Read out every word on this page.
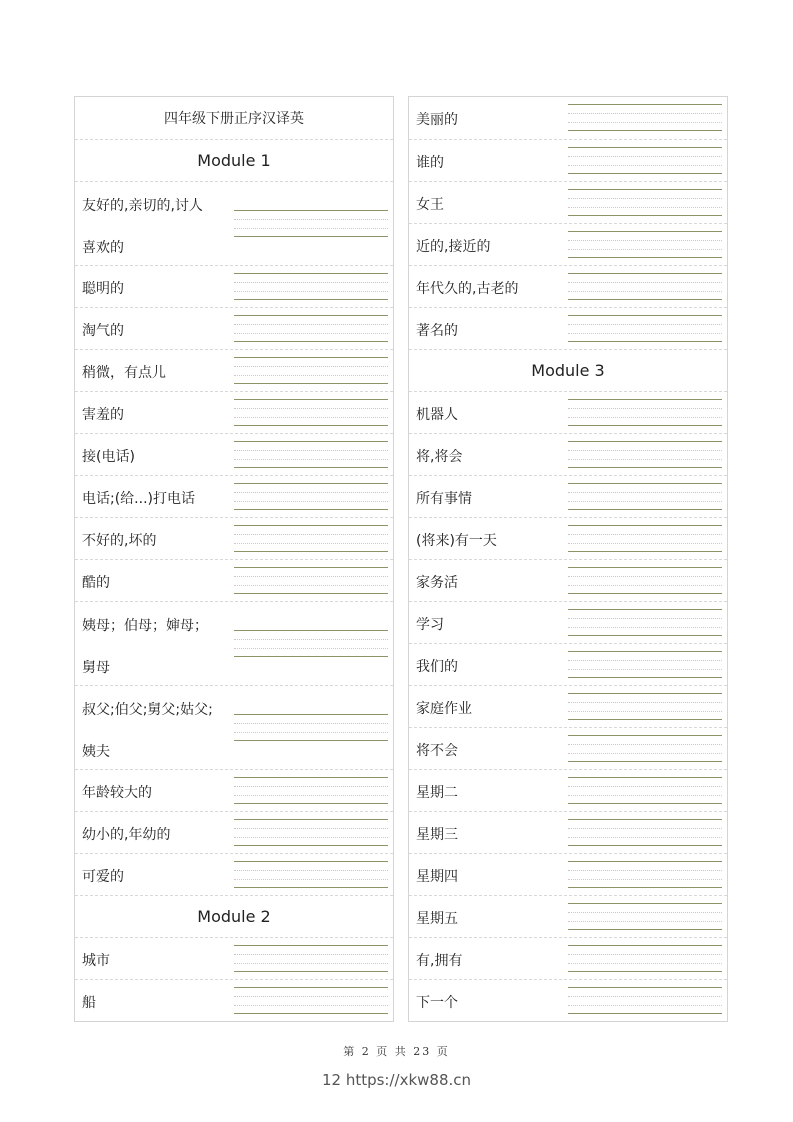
四年级下册正序汉译英
Module 1
友好的,亲切的,讨人
喜欢的
聪明的
淘气的
稍微，有点儿
害羞的
接(电话)
电话;(给...)打电话
不好的,坏的
酷的
姨母；伯母；婶母；
舅母
叔父;伯父;舅父;姑父;
姨夫
年龄较大的
幼小的,年幼的
可爱的
Module 2
城市
船
美丽的
谁的
女王
近的,接近的
年代久的,古老的
著名的
Module 3
机器人
将,将会
所有事情
(将来)有一天
家务活
学习
我们的
家庭作业
将不会
星期二
星期三
星期四
星期五
有,拥有
下一个
第 2 页 共 23 页
12 https://xkw88.cn
